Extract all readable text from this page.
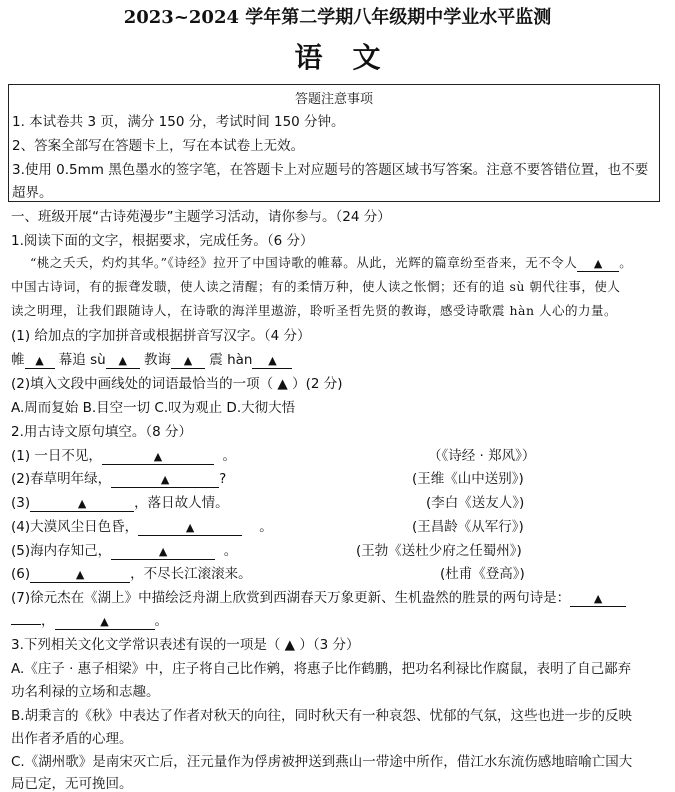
2023~2024 学年第二学期八年级期中学业水平监测
语文
答题注意事项
1. 本试卷共 3 页，满分 150 分，考试时间 150 分钟。
2、答案全部写在答题卡上，写在本试卷上无效。
3.使用 0.5mm 黑色墨水的签字笔，在答题卡上对应题号的答题区域书写答案。注意不要答错位置，也不要
超界。
一、班级开展“古诗苑漫步”主题学习活动，请你参与。（24 分）
1.阅读下面的文字，根据要求，完成任务。（6 分）
“桃之夭夭，灼灼其华。”《诗经》拉开了中国诗歌的帷幕。从此，光辉的篇章纷至沓来，无不令人 ▲ 。
中国古诗词，有的振聋发聩，使人读之清醒；有的柔情万种，使人读之怅惘；还有的追 sù 朝代往事，使人
读之明理，让我们跟随诗人，在诗歌的海洋里遨游，聆听圣哲先贤的教诲，感受诗歌震 hàn 人心的力量。
(1) 给加点的字加拼音或根据拼音写汉字。（4 分）
帷 ▲ 幕追 sù ▲ 教诲 ▲ 震 hàn ▲
(2)填入文段中画线处的词语最恰当的一项（ ▲ ）(2 分)
A.周而复始 B.目空一切 C.叹为观止 D.大彻大悟
2.用古诗文原句填空。（8 分）
(1) 一日不见，	▲	。	（《诗经 · 郑风》）
(2)春草明年绿，	▲	?	(王维《山中送别》)
(3)	▲	，落日故人情。	(李白《送友人》)
(4)大漠风尘日色昏，	▲	。	(王昌龄《从军行》)
(5)海内存知己，	▲	。	(王勃《送杜少府之任蜀州》)
(6)	▲	，不尽长江滚滚来。	(杜甫《登高》)
(7)徐元杰在《湖上》中描绘泛舟湖上欣赏到西湖春天万象更新、生机盎然的胜景的两句诗是： ▲
，	▲	。
3.下列相关文化文学常识表述有误的一项是（ ▲ ）（3 分）
A.《庄子 · 惠子相梁》中，庄子将自己比作鹓，将惠子比作鹤鹏，把功名利禄比作腐鼠，表明了自己鄙弃
功名利禄的立场和志趣。
B.胡秉言的《秋》中表达了作者对秋天的向往，同时秋天有一种哀怨、忧郁的气氛，这些也进一步的反映
出作者矛盾的心理。
C.《湖州歌》是南宋灭亡后，汪元量作为俘虏被押送到燕山一带途中所作，借江水东流伤感地暗喻亡国大
局已定，无可挽回。
